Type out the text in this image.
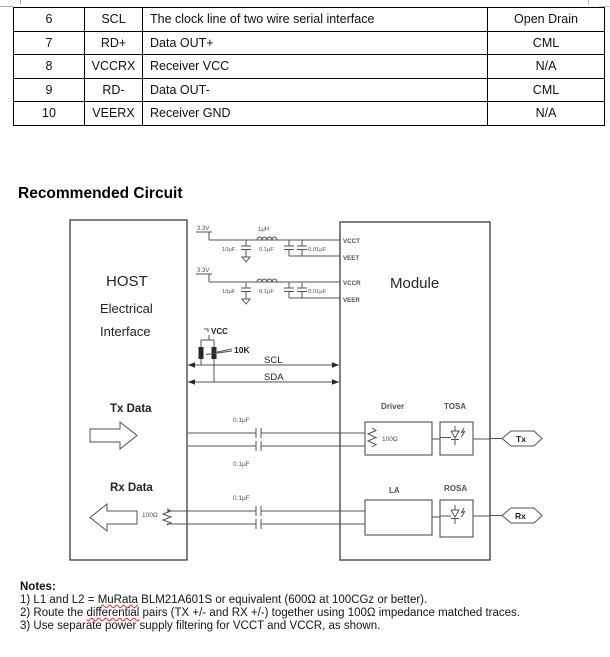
6	SCL	The clock line of two wire serial interface	Open Drain
7	RD+	Data OUT+	CML
8	VCCRX	Receiver VCC	N/A
9	RD-	Data OUT-	CML
10	VEERX	Receiver GND	N/A
Recommended Circuit
HOST
Electrical
Interface
Module
VCCT
VEET
VCCR
VEER
3.3V	1μH
10μF	0.1μF	0.01μF
3.3V
10μF	0.1μF	0.01μF
VCC
10K
SCL
SDA
Tx Data
0.1μF
0.1μF
Driver
100Ω
TOSA
Tx
Rx Data
100Ω
0.1μF
LA	ROSA
Rx
Notes:
1) L1 and L2 = MuRata BLM21A601S or equivalent (600Ω at 100CGz or better).
2) Route the differential pairs (TX +/- and RX +/-) together using 100Ω impedance matched traces.
3) Use separate power supply filtering for VCCT and VCCR, as shown.
